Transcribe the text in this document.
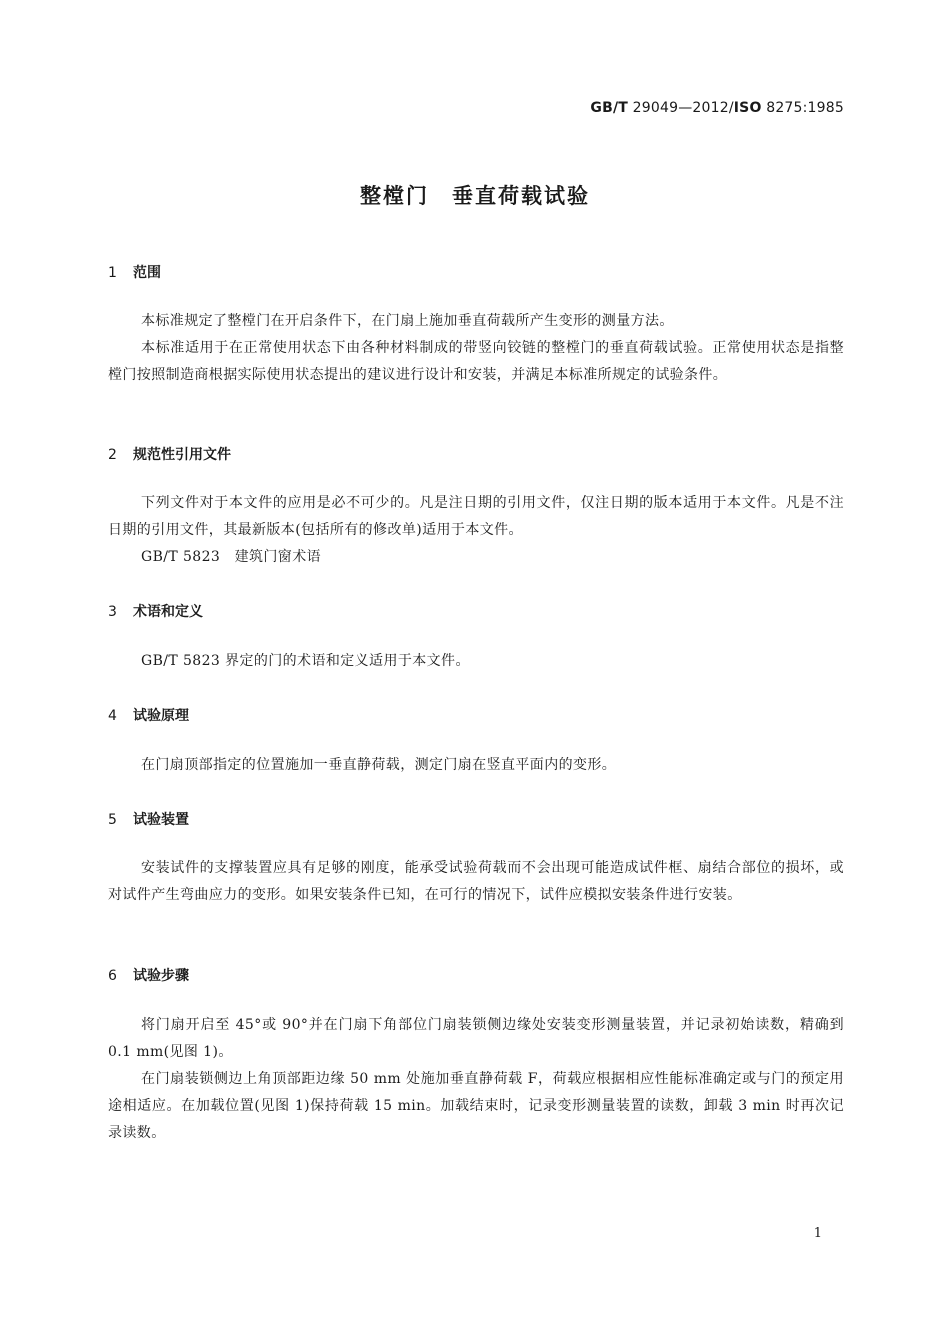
GB/T 29049—2012/ISO 8275:1985
整樘门　垂直荷载试验
1 范围
本标准规定了整樘门在开启条件下，在门扇上施加垂直荷载所产生变形的测量方法。
本标准适用于在正常使用状态下由各种材料制成的带竖向铰链的整樘门的垂直荷载试验。正常使用状态是指整樘门按照制造商根据实际使用状态提出的建议进行设计和安装，并满足本标准所规定的试验条件。
2 规范性引用文件
下列文件对于本文件的应用是必不可少的。凡是注日期的引用文件，仅注日期的版本适用于本文件。凡是不注日期的引用文件，其最新版本(包括所有的修改单)适用于本文件。
GB/T 5823　建筑门窗术语
3 术语和定义
GB/T 5823 界定的门的术语和定义适用于本文件。
4 试验原理
在门扇顶部指定的位置施加一垂直静荷载，测定门扇在竖直平面内的变形。
5 试验装置
安装试件的支撑装置应具有足够的刚度，能承受试验荷载而不会出现可能造成试件框、扇结合部位的损坏，或对试件产生弯曲应力的变形。如果安装条件已知，在可行的情况下，试件应模拟安装条件进行安装。
6 试验步骤
将门扇开启至 45°或 90°并在门扇下角部位门扇装锁侧边缘处安装变形测量装置，并记录初始读数，精确到 0.1 mm(见图 1)。
在门扇装锁侧边上角顶部距边缘 50 mm 处施加垂直静荷载 F，荷载应根据相应性能标准确定或与门的预定用途相适应。在加载位置(见图 1)保持荷载 15 min。加载结束时，记录变形测量装置的读数，卸载 3 min 时再次记录读数。
1
